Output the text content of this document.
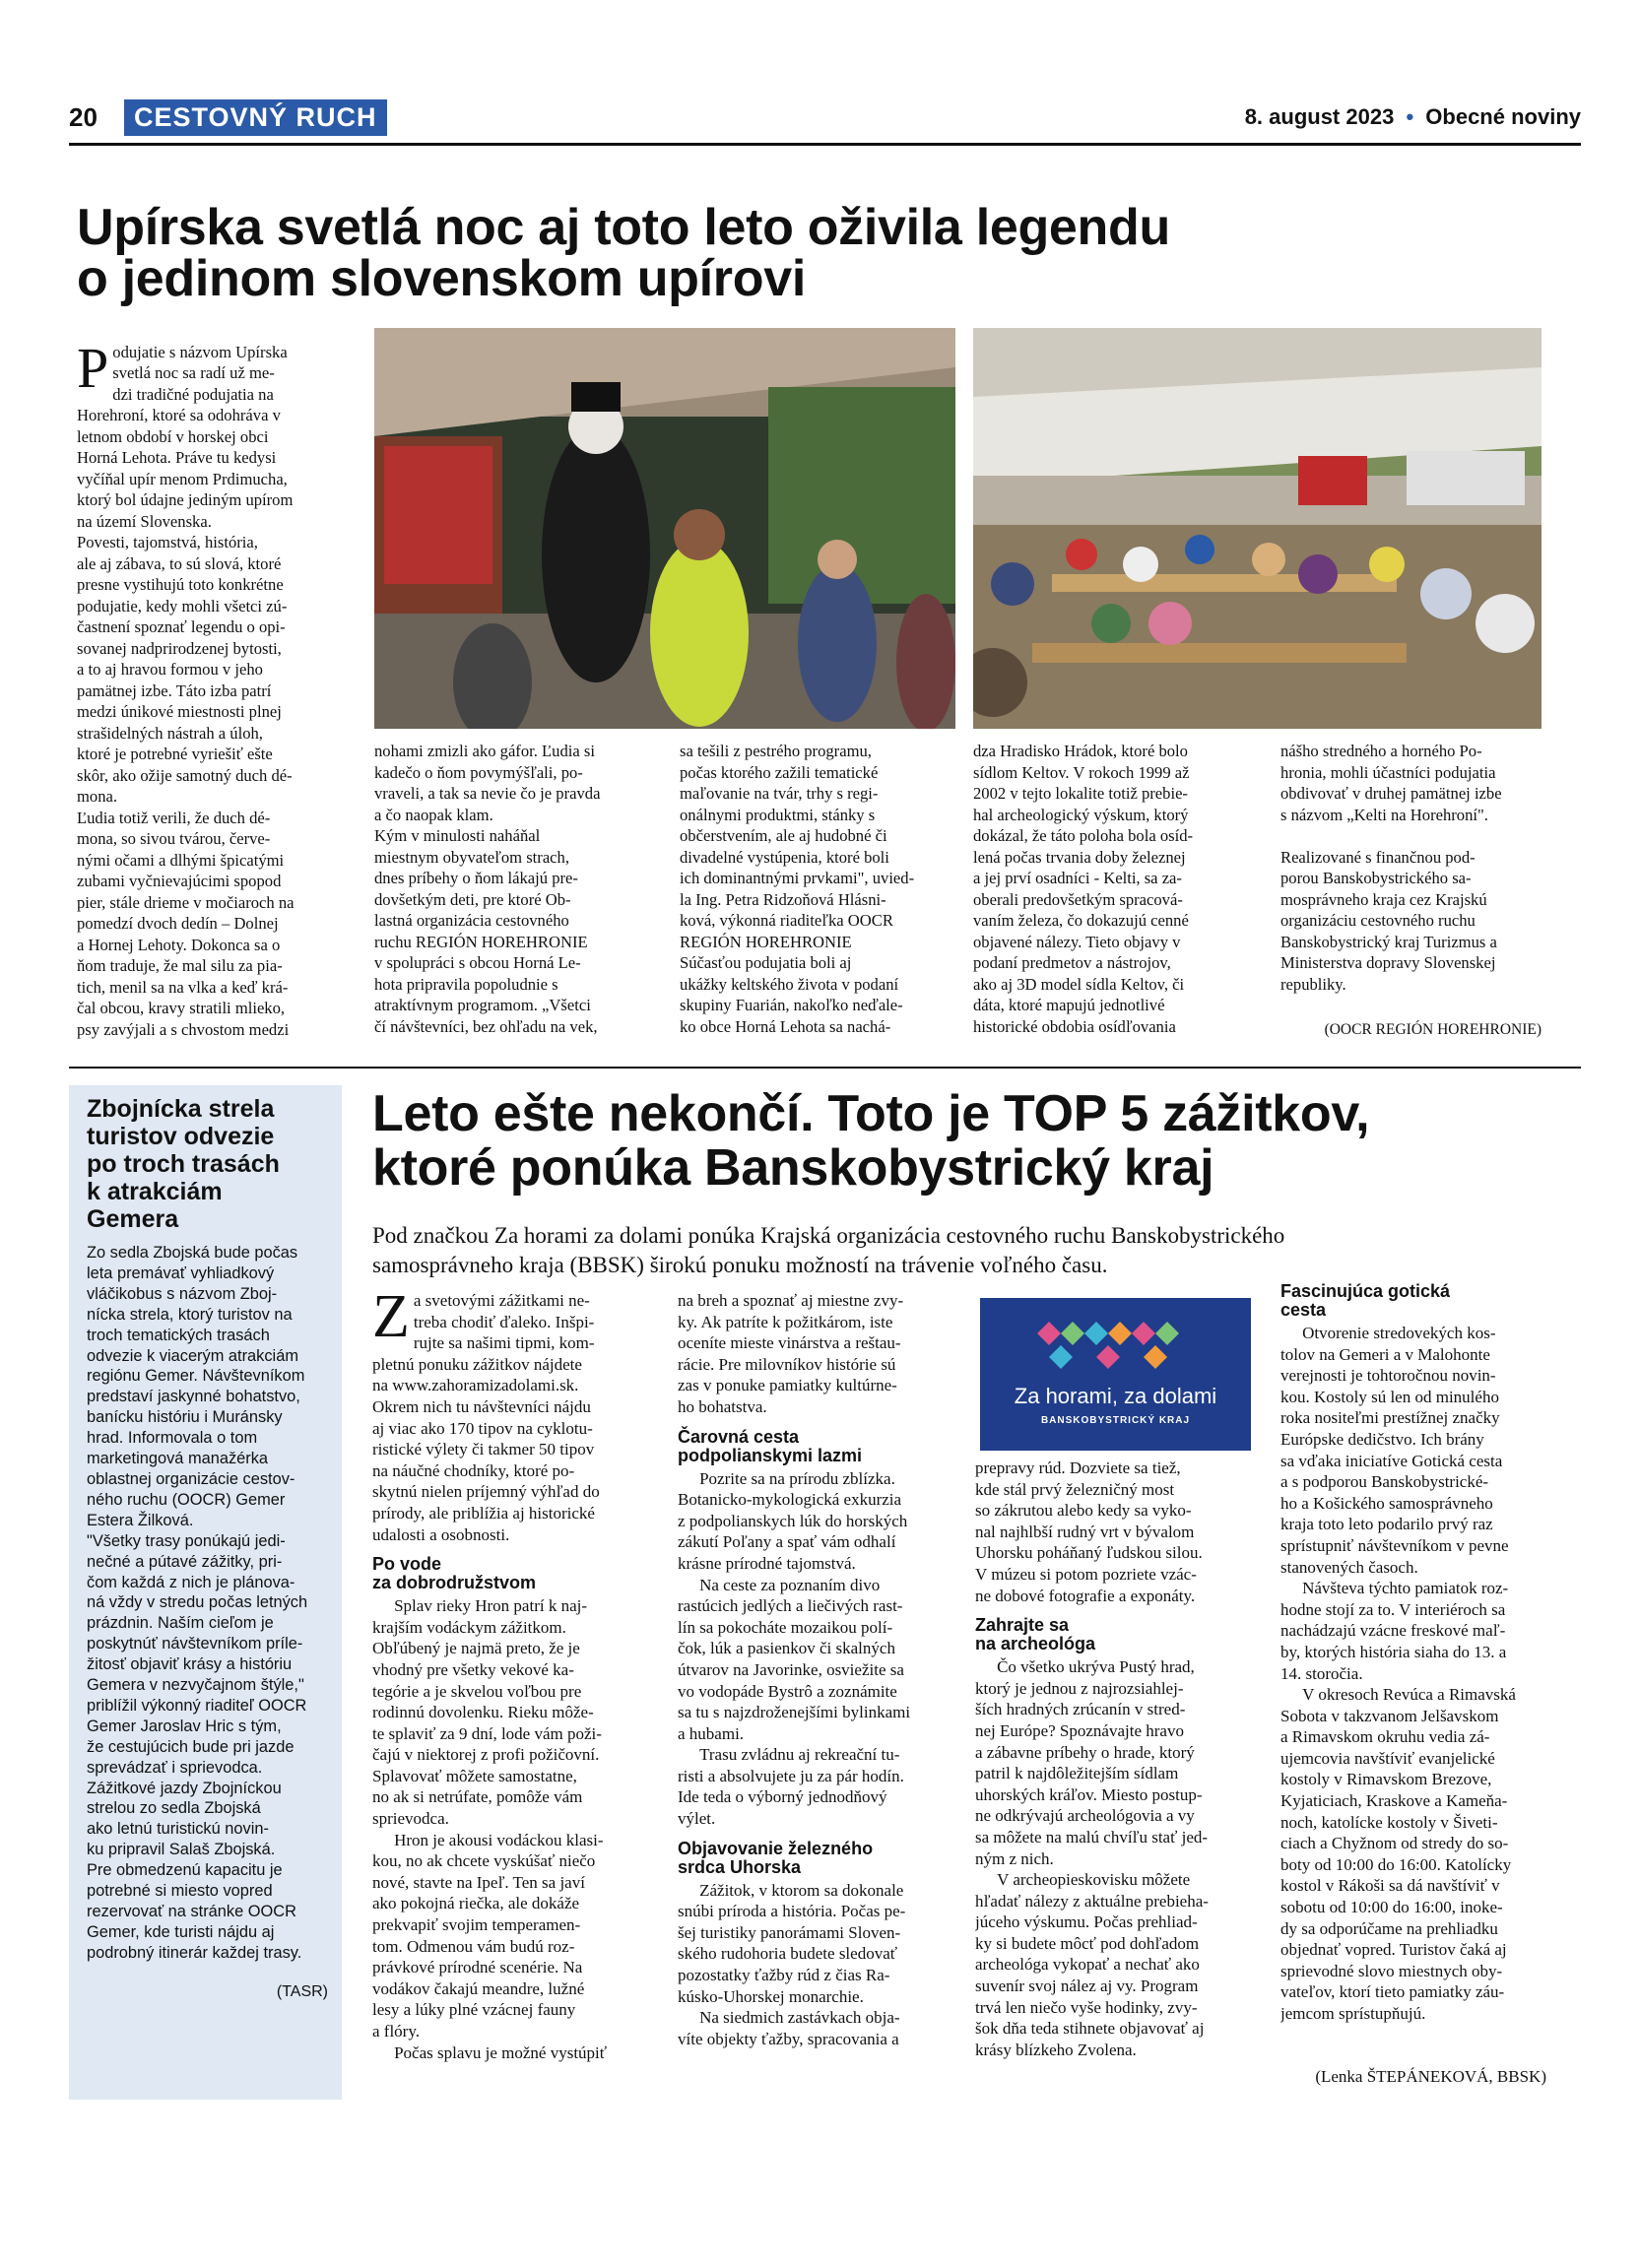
20	CESTOVNÝ RUCH	8. august 2023 • Obecné noviny
Upírska svetlá noc aj toto leto oživila legendu
o jedinom slovenskom upírovi

Podujatie s názvom Upírska
svetlá noc sa radí už me-
dzi tradičné podujatia na
Horehroní, ktoré sa odohráva v
letnom období v horskej obci
Horná Lehota. Práve tu kedysi
vyčíňal upír menom Prdimucha,
ktorý bol údajne jediným upírom
na území Slovenska.

Povesti, tajomstvá, história,
ale aj zábava, to sú slová, ktoré
presne vystihujú toto konkrétne
podujatie, kedy mohli všetci zú-
častnení spoznať legendu o opi-
sovanej nadprirodzenej bytosti,
a to aj hravou formou v jeho
pamätnej izbe. Táto izba patrí
medzi únikové miestnosti plnej
strašidelných nástrah a úloh,
ktoré je potrebné vyriešiť ešte
skôr, ako ožije samotný duch dé-
mona.
Ľudia totiž verili, že duch dé-
mona, so sivou tvárou, červe-
nými očami a dlhými špicatými
zubami vyčnievajúcimi spopod
pier, stále drieme v močiaroch na
pomedzí dvoch dedín – Dolnej
a Hornej Lehoty. Dokonca sa o
ňom traduje, že mal silu za pia-
tich, menil sa na vlka a keď krá-
čal obcou, kravy stratili mlieko,
psy zavýjali a s chvostom medzi

nohami zmizli ako gáfor. Ľudia si
kadečo o ňom povymýšľali, po-
vraveli, a tak sa nevie čo je pravda
a čo naopak klam.
Kým v minulosti naháňal
miestnym obyvateľom strach,
dnes príbehy o ňom lákajú pre-
dovšetkým deti, pre ktoré Ob-
lastná organizácia cestovného
ruchu REGIÓN HOREHRONIE
v spolupráci s obcou Horná Le-
hota pripravila popoludnie s
atraktívnym programom. „Všetci
čí návštevníci, bez ohľadu na vek,
sa tešili z pestrého programu,
počas ktorého zažili tematické
maľovanie na tvár, trhy s regi-
onálnymi produktmi, stánky s
občerstvením, ale aj hudobné či
divadelné vystúpenia, ktoré boli
ich dominantnými prvkami", uvied-
la Ing. Petra Ridzoňová Hlásni-
ková, výkonná riaditeľka OOCR
REGIÓN HOREHRONIE
Súčasťou podujatia boli aj
ukážky keltského života v podaní
skupiny Fuarián, nakoľko neďale-
ko obce Horná Lehota sa nachá-
dza Hradisko Hrádok, ktoré bolo
sídlom Keltov. V rokoch 1999 až
2002 v tejto lokalite totiž prebie-
hal archeologický výskum, ktorý
dokázal, že táto poloha bola osíd-
lená počas trvania doby železnej
a jej prví osadníci - Kelti, sa za-
oberali predovšetkým spracová-
vaním železa, čo dokazujú cenné
objavené nálezy. Tieto objavy v
podaní predmetov a nástrojov,
ako aj 3D model sídla Keltov, či
dáta, ktoré mapujú jednotlivé
historické obdobia osídľovania
nášho stredného a horného Po-
hronia, mohli účastníci podujatia
obdivovať v druhej pamätnej izbe
s názvom „Kelti na Horehroní".

Realizované s finančnou pod-
porou Banskobystrického sa-
mosprávneho kraja cez Krajskú
organizáciu cestovného ruchu
Banskobystrický kraj Turizmus a
Ministerstva dopravy Slovenskej
republiky.
(OOCR REGIÓN HOREHRONIE)
Zbojnícka strela
turistov odvezie
po troch trasách
k atrakciám
Gemera
Zo sedla Zbojská bude počas
leta premávať vyhliadkový
vláčikobus s názvom Zboj-
nícka strela, ktorý turistov na
troch tematických trasách
odvezie k viacerým atrakciám
regiónu Gemer. Návštevníkom
predstaví jaskynné bohatstvo,
banícku históriu i Muránsky
hrad. Informovala o tom
marketingová manažérka
oblastnej organizácie cestov-
ného ruchu (OOCR) Gemer
Estera Žilková.
"Všetky trasy ponúkajú jedi-
nečné a pútavé zážitky, pri-
čom každá z nich je plánova-
ná vždy v stredu počas letných
prázdnin. Naším cieľom je
poskytnúť návštevníkom príle-
žitosť objaviť krásy a históriu
Gemera v nezvyčajnom štýle,"
priblížil výkonný riaditeľ OOCR
Gemer Jaroslav Hric s tým,
že cestujúcich bude pri jazde
sprevádzať i sprievodca.
Zážitkové jazdy Zbojníckou
strelou zo sedla Zbojská
ako letnú turistickú novin-
ku pripravil Salaš Zbojská.
Pre obmedzenú kapacitu je
potrebné si miesto vopred
rezervovať na stránke OOCR
Gemer, kde turisti nájdu aj
podrobný itinerár každej trasy.
(TASR)
Leto ešte nekončí. Toto je TOP 5 zážitkov,
ktoré ponúka Banskobystrický kraj
Pod značkou Za horami za dolami ponúka Krajská organizácia cestovného ruchu Banskobystrického
samosprávneho kraja (BBSK) širokú ponuku možností na trávenie voľného času.

Za svetovými zážitkami ne-
treba chodiť ďaleko. Inšpi-
rujte sa našimi tipmi, kom-
pletnú ponuku zážitkov nájdete
na www.zahoramizadolami.sk.
Okrem nich tu návštevníci nájdu
aj viac ako 170 tipov na cyklotu-
ristické výlety či takmer 50 tipov
na náučné chodníky, ktoré po-
skytnú nielen príjemný výhľad do
prírody, ale priblížia aj historické
udalosti a osobnosti.

Po vode
za dobrodružstvom

Splav rieky Hron patrí k naj-
krajším vodáckym zážitkom.
Obľúbený je najmä preto, že je
vhodný pre všetky vekové ka-
tegórie a je skvelou voľbou pre
rodinnú dovolenku. Rieku môže-
te splaviť za 9 dní, lode vám poži-
čajú v niektorej z profi požičovní.
Splavovať môžete samostatne,
no ak si netrúfate, pomôže vám
sprievodca.

Hron je akousi vodáckou klasi-
kou, no ak chcete vyskúšať niečo
nové, stavte na Ipeľ. Ten sa javí
ako pokojná riečka, ale dokáže
prekvapiť svojim temperamen-
tom. Odmenou vám budú roz-
právkové prírodné scenérie. Na
vodákov čakajú meandre, lužné
lesy a lúky plné vzácnej fauny
a flóry.

Počas splavu je možné vystúpiť

na breh a spoznať aj miestne zvy-
ky. Ak patríte k požitkárom, iste
oceníte mieste vinárstva a reštau-
rácie. Pre milovníkov histórie sú
zas v ponuke pamiatky kultúrne-
ho bohatstva.

Čarovná cesta
podpolianskymi lazmi

Pozrite sa na prírodu zblízka.
Botanicko-mykologická exkurzia
z podpolianskych lúk do horských
zákutí Poľany a spať vám odhalí
krásne prírodné tajomstvá.

Na ceste za poznaním divo
rastúcich jedlých a liečivých rast-
lín sa pokocháte mozaikou polí-
čok, lúk a pasienkov či skalných
útvarov na Javorinke, osviežite sa
vo vodopáde Bystrô a zoznámite
sa tu s najzdroženejšími bylinkami
a hubami.

Trasu zvládnu aj rekreační tu-
risti a absolvujete ju za pár hodín.
Ide teda o výborný jednodňový
výlet.

Objavovanie železného
srdca Uhorska

Zážitok, v ktorom sa dokonale
snúbi príroda a história. Počas pe-
šej turistiky panorámami Sloven-
ského rudohoria budete sledovať
pozostatky ťažby rúd z čias Ra-
kúsko-Uhorskej monarchie.

Na siedmich zastávkach obja-
víte objekty ťažby, spracovania a

Za horami, za dolami
BANSKOBYSTRICKÝ KRAJ

prepravy rúd. Dozviete sa tiež,
kde stál prvý železničný most
so zákrutou alebo kedy sa vyko-
nal najhlbší rudný vrt v bývalom
Uhorsku poháňaný ľudskou silou.
V múzeu si potom pozriete vzác-
ne dobové fotografie a exponáty.

Zahrajte sa
na archeológa

Čo všetko ukrýva Pustý hrad,
ktorý je jednou z najrozsiahlej-
ších hradných zrúcanín v stred-
nej Európe? Spoznávajte hravo
a zábavne príbehy o hrade, ktorý
patril k najdôležitejším sídlam
uhorských kráľov. Miesto postup-
ne odkrývajú archeológovia a vy
sa môžete na malú chvíľu stať jed-
ným z nich.

V archeopieskovisku môžete
hľadať nálezy z aktuálne prebieha-
júceho výskumu. Počas prehliad-
ky si budete môcť pod dohľadom
archeológa vykopať a nechať ako
suvenír svoj nález aj vy. Program
trvá len niečo vyše hodinky, zvy-
šok dňa teda stihnete objavovať aj
krásy blízkeho Zvolena.

Fascinujúca gotická
cesta

Otvorenie stredovekých kos-
tolov na Gemeri a v Malohonte
verejnosti je tohtoročnou novin-
kou. Kostoly sú len od minulého
roka nositeľmi prestížnej značky
Európske dedičstvo. Ich brány
sa vďaka iniciatíve Gotická cesta
a s podporou Banskobystrické-
ho a Košického samosprávneho
kraja toto leto podarilo prvý raz
sprístupniť návštevníkom v pevne
stanovených časoch.

Návšteva týchto pamiatok roz-
hodne stojí za to. V interiéroch sa
nachádzajú vzácne freskové maľ-
by, ktorých história siaha do 13. a
14. storočia.

V okresoch Revúca a Rimavská
Sobota v takzvanom Jelšavskom
a Rimavskom okruhu vedia zá-
ujemcovia navštíviť evanjelické
kostoly v Rimavskom Brezove,
Kyjaticiach, Kraskove a Kameňa-
noch, katolícke kostoly v Šiveti-
ciach a Chyžnom od stredy do so-
boty od 10:00 do 16:00. Katolícky
kostol v Rákoši sa dá navštíviť v
sobotu od 10:00 do 16:00, inoke-
dy sa odporúčame na prehliadku
objednať vopred. Turistov čaká aj
sprievodné slovo miestnych oby-
vateľov, ktorí tieto pamiatky záu-
jemcom sprístupňujú.

(Lenka ŠTEPÁNEKOVÁ, BBSK)
